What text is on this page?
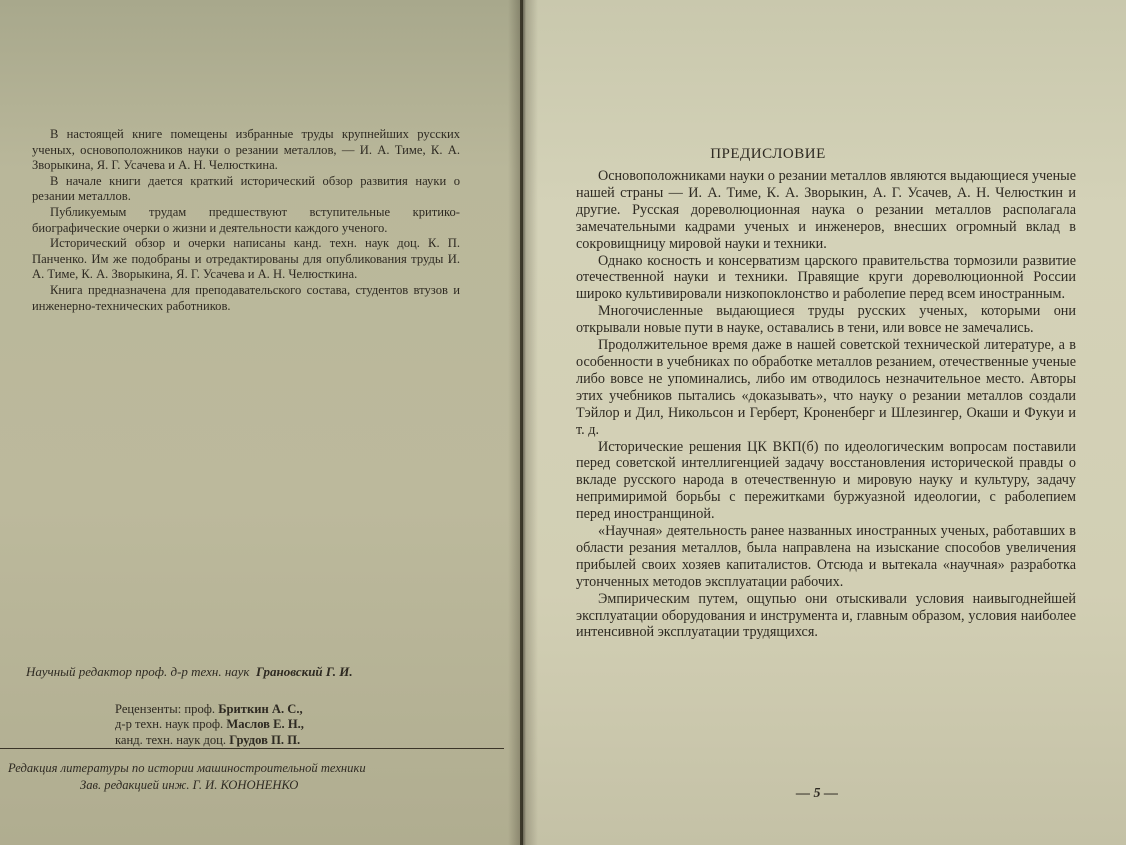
В настоящей книге помещены избранные труды крупнейших русских ученых, основоположников науки о резании металлов, — И. А. Тиме, К. А. Зворыкина, Я. Г. Усачева и А. Н. Челюсткина.

В начале книги дается краткий исторический обзор развития науки о резании металлов.

Публикуемым трудам предшествуют вступительные критико-биографические очерки о жизни и деятельности каждого ученого.

Исторический обзор и очерки написаны канд. техн. наук доц. К. П. Панченко. Им же подобраны и отредактированы для опубликования труды И. А. Тиме, К. А. Зворыкина, Я. Г. Усачева и А. Н. Челюсткина.

Книга предназначена для преподавательского состава, студентов втузов и инженерно-технических работников.

Научный редактор проф. д-р техн. наук Грановский Г. И.
Рецензенты: проф. Бриткин А. С.,
д-р техн. наук проф. Маслов Е. Н.,
канд. техн. наук доц. Грудов П. П.
Редакция литературы по истории машиностроительной техники
Зав. редакцией инж. Г. И. КОНОНЕНКО
ПРЕДИСЛОВИЕ

Основоположниками науки о резании металлов являются выдающиеся ученые нашей страны — И. А. Тиме, К. А. Зворыкин, А. Г. Усачев, А. Н. Челюсткин и другие. Русская дореволюционная наука о резании металлов располагала замечательными кадрами ученых и инженеров, внесших огромный вклад в сокровищницу мировой науки и техники.

Однако косность и консерватизм царского правительства тормозили развитие отечественной науки и техники. Правящие круги дореволюционной России широко культивировали низкопоклонство и раболепие перед всем иностранным.

Многочисленные выдающиеся труды русских ученых, которыми они открывали новые пути в науке, оставались в тени, или вовсе не замечались.

Продолжительное время даже в нашей советской технической литературе, а в особенности в учебниках по обработке металлов резанием, отечественные ученые либо вовсе не упоминались, либо им отводилось незначительное место. Авторы этих учебников пытались «доказывать», что науку о резании металлов создали Тэйлор и Дил, Никольсон и Герберт, Кроненберг и Шлезингер, Окаши и Фукуи и т. д.

Исторические решения ЦК ВКП(б) по идеологическим вопросам поставили перед советской интеллигенцией задачу восстановления исторической правды о вкладе русского народа в отечественную и мировую науку и культуру, задачу непримиримой борьбы с пережитками буржуазной идеологии, с раболепием перед иностранщиной.

«Научная» деятельность ранее названных иностранных ученых, работавших в области резания металлов, была направлена на изыскание способов увеличения прибылей своих хозяев капиталистов. Отсюда и вытекала «научная» разработка утонченных методов эксплуатации рабочих.

Эмпирическим путем, ощупью они отыскивали условия наивыгоднейшей эксплуатации оборудования и инструмента и, главным образом, условия наиболее интенсивной эксплуатации трудящихся.

— 5 —
